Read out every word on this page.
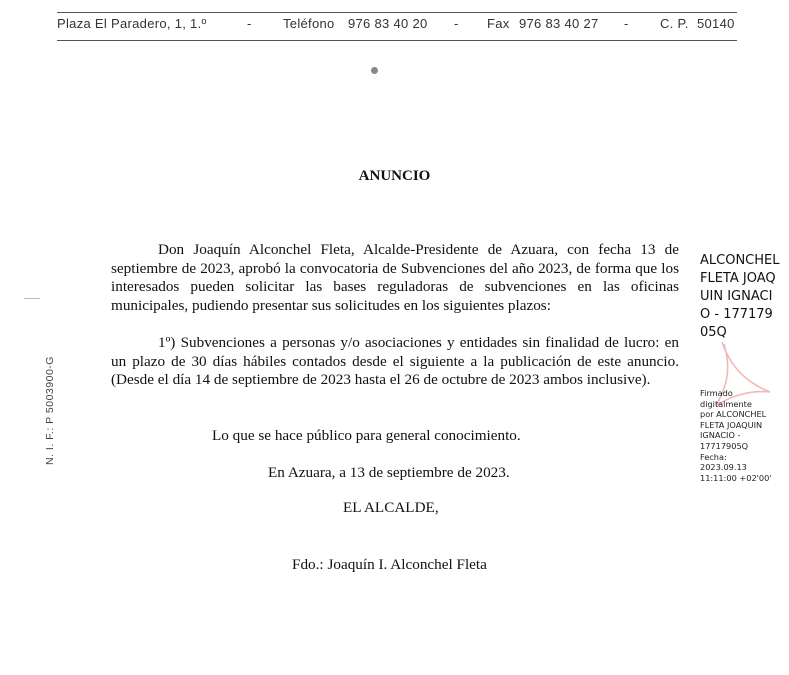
Plaza El Paradero, 1, 1.º	- Teléfono 976 83 40 20 - Fax 976 83 40 27 - C. P. 50140
N. I. F.: P 5003900-G
ANUNCIO
Don Joaquín Alconchel Fleta, Alcalde-Presidente de Azuara, con fecha 13 de septiembre de 2023, aprobó la convocatoria de Subvenciones del año 2023, de forma que los interesados pueden solicitar las bases reguladoras de subvenciones en las oficinas municipales, pudiendo presentar sus solicitudes en los siguientes plazos:
1º) Subvenciones a personas y/o asociaciones y entidades sin finalidad de lucro: en un plazo de 30 días hábiles contados desde el siguiente a la publicación de este anuncio. (Desde el día 14 de septiembre de 2023 hasta el 26 de octubre de 2023 ambos inclusive).
Lo que se hace público para general conocimiento.
En Azuara, a 13 de septiembre de 2023.
EL ALCALDE,
Fdo.: Joaquín I. Alconchel Fleta
ALCONCHEL FLETA JOAQUIN IGNACIO - 17717905Q
Firmado
digitalmente
por ALCONCHEL
FLETA JOAQUIN
IGNACIO -
17717905Q
Fecha:
2023.09.13
11:11:00 +02'00'
